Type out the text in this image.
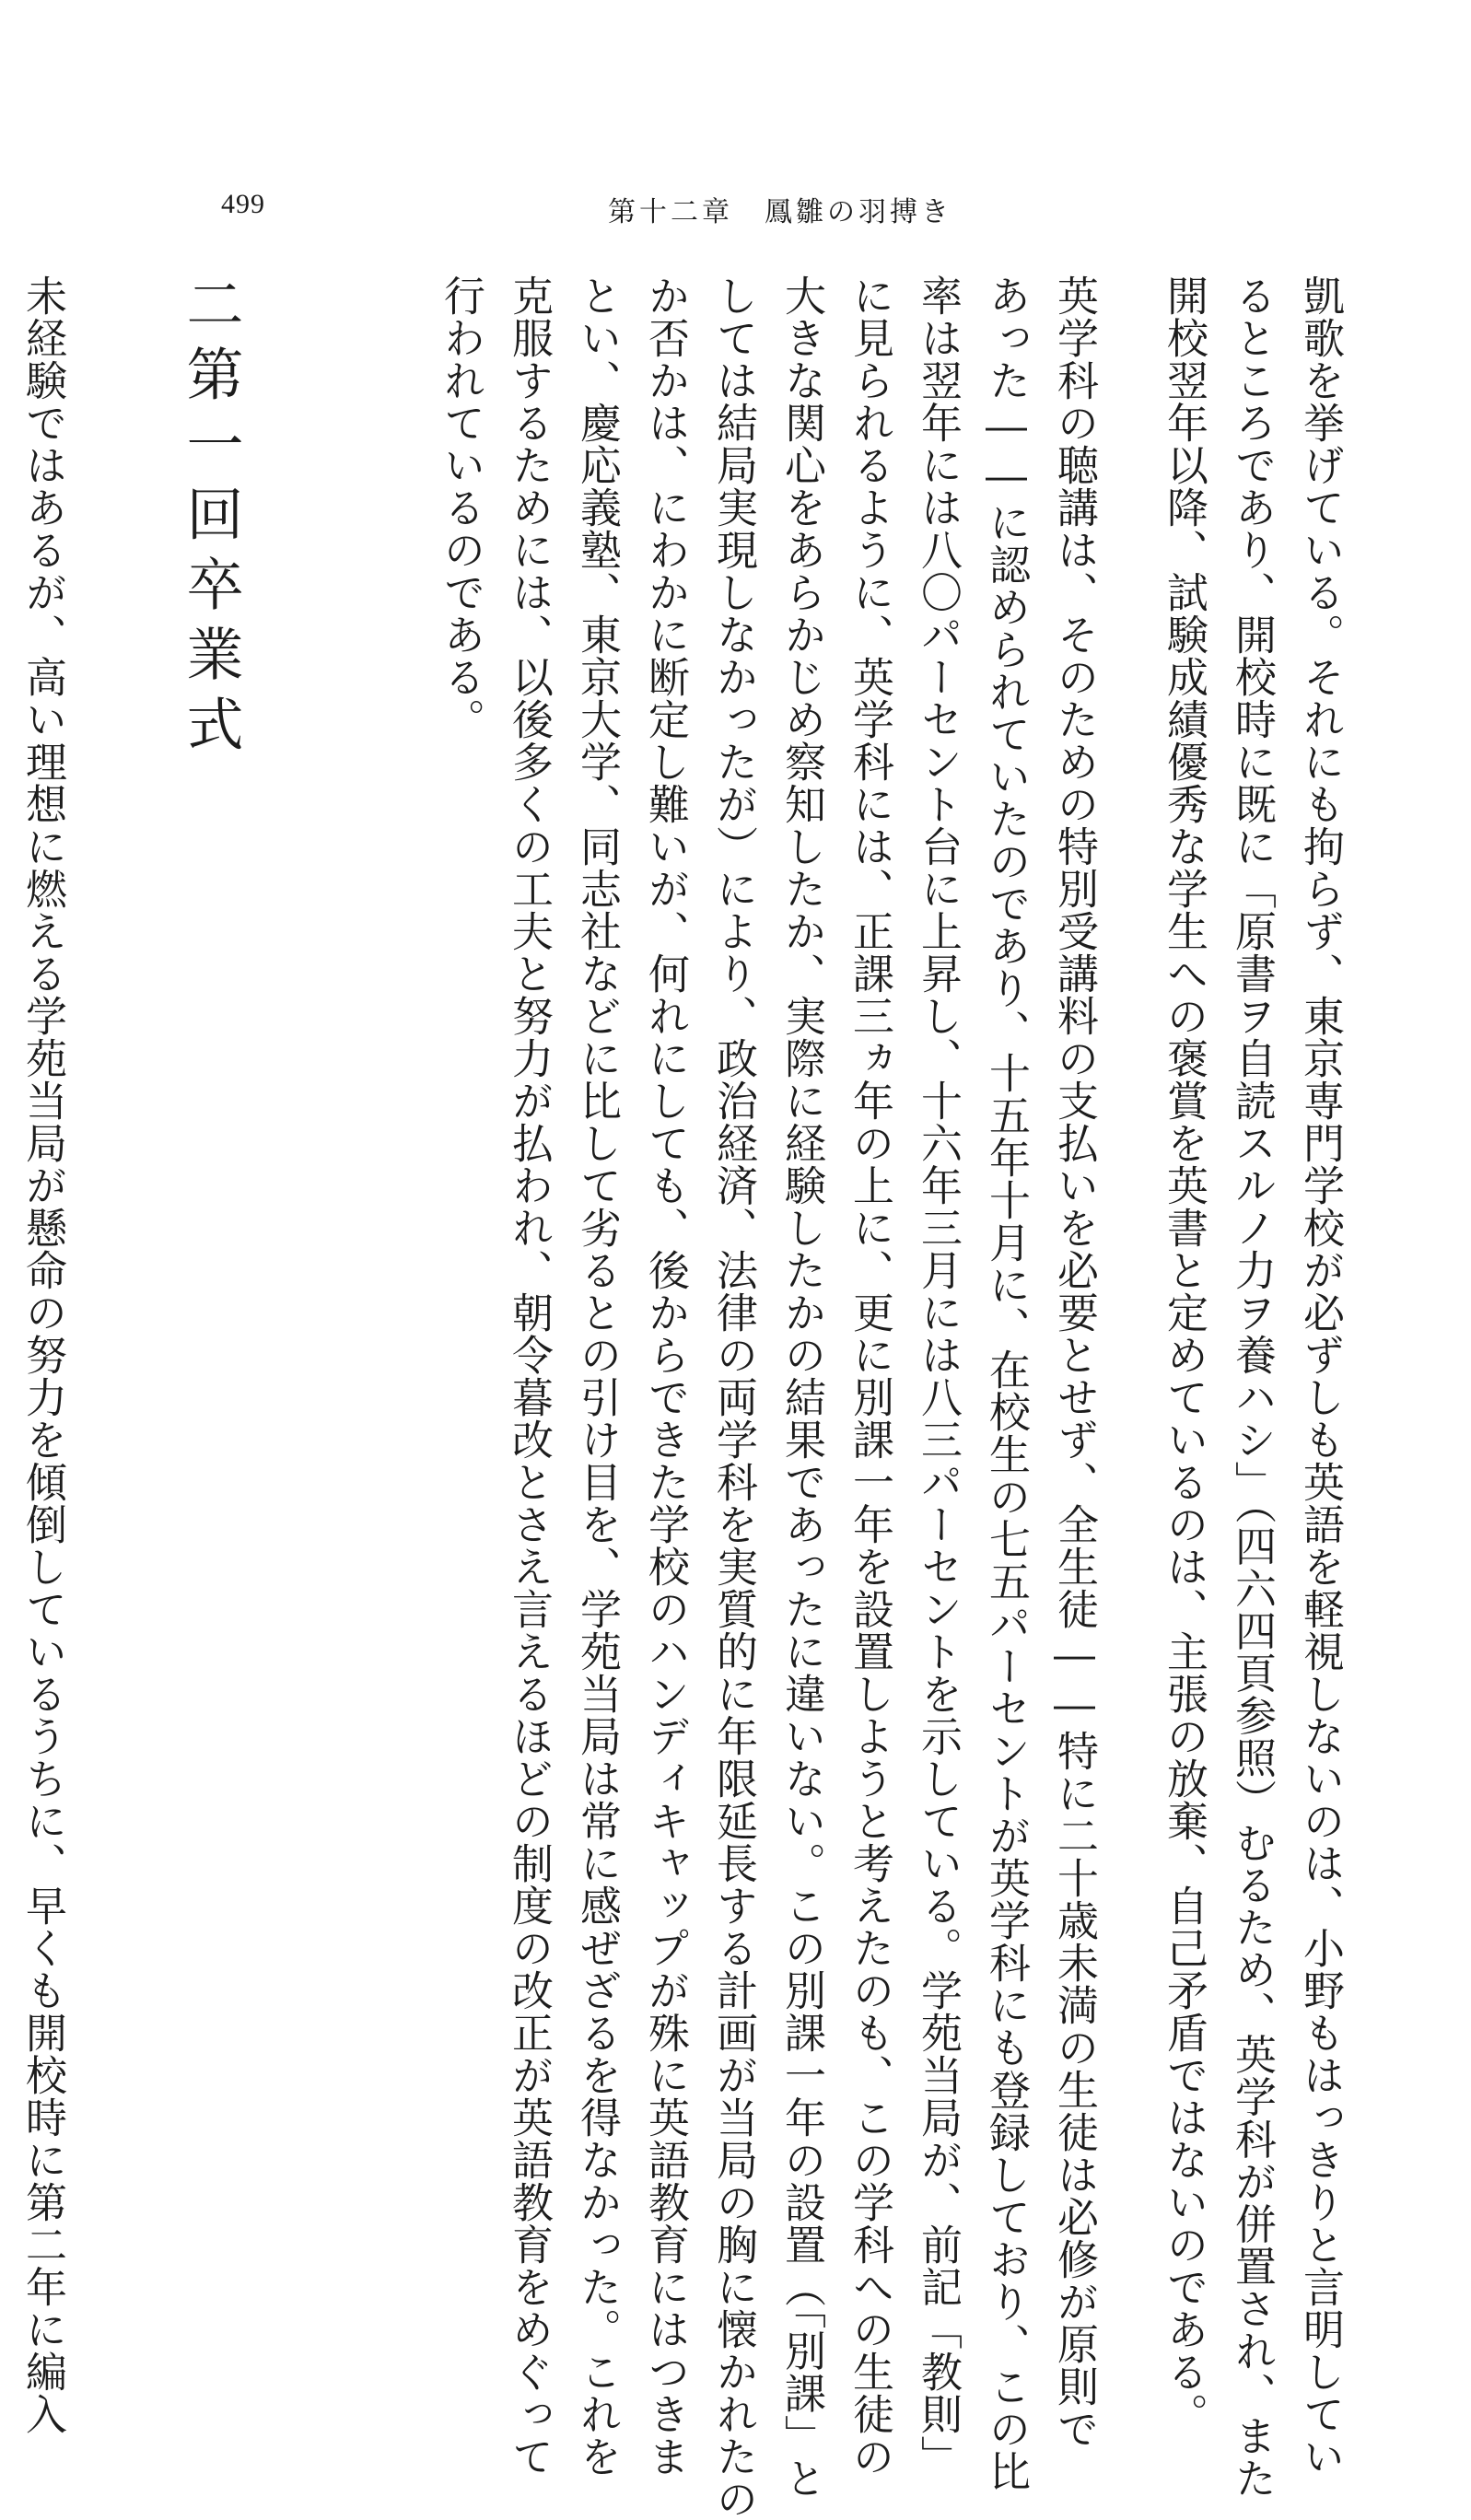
499	第十二章　鳳雛の羽搏き
凱歌を挙げている。それにも拘らず、東京専門学校が必ずしも英語を軽視しないのは、小野もはっきりと言明してい
るところであり、開校時に既に「原書ヲ自読スルノ力ヲ養ハシ」（四六四頁参照）むるため、英学科が併置され、また
開校翌年以降、試験成績優秀な学生への褒賞を英書と定めているのは、主張の放棄、自己矛盾ではないのである。
英学科の聴講は、そのための特別受講料の支払いを必要とせず、全生徒――特に二十歳未満の生徒は必修が原則で
あった――に認められていたのであり、十五年十月に、在校生の七五パーセントが英学科にも登録しており、この比
率は翌年には八〇パーセント台に上昇し、十六年三月には八三パーセントを示している。学苑当局が、前記「教則」
に見られるように、英学科には、正課三ヵ年の上に、更に別課一年を設置しようと考えたのも、この学科への生徒の
大きな関心をあらかじめ察知したか、実際に経験したかの結果であったに違いない。この別課一年の設置（「別課」と
しては結局実現しなかったが）により、政治経済、法律の両学科を実質的に年限延長する計画が当局の胸に懐かれたの
か否かは、にわかに断定し難いが、何れにしても、後からできた学校のハンディキャップが殊に英語教育にはつきま
とい、慶応義塾、東京大学、同志社などに比して劣るとの引け目を、学苑当局は常に感ぜざるを得なかった。これを
克服するためには、以後多くの工夫と努力が払われ、朝令暮改とさえ言えるほどの制度の改正が英語教育をめぐって
行われているのである。
二第一回卒業式
未経験ではあるが、高い理想に燃える学苑当局が懸命の努力を傾倒しているうちに、早くも開校時に第二年に編入
